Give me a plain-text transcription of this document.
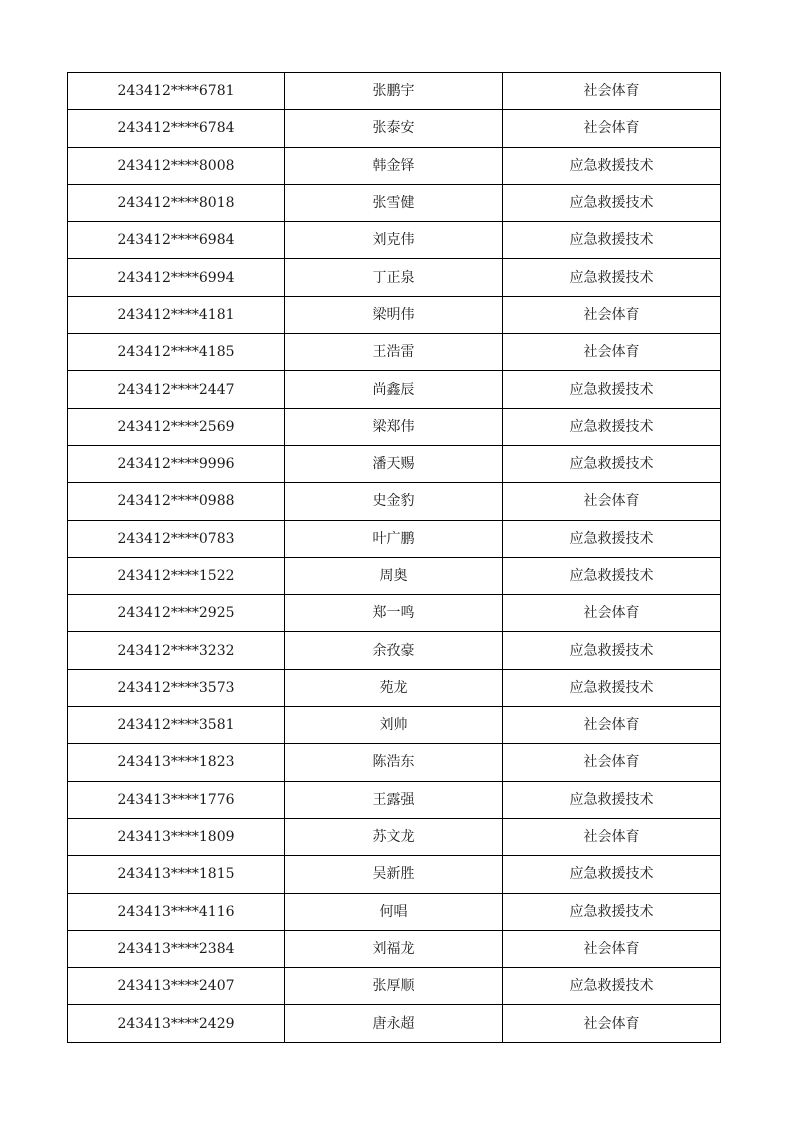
243412****6781	张鹏宇	社会体育
243412****6784	张泰安	社会体育
243412****8008	韩金铎	应急救援技术
243412****8018	张雪健	应急救援技术
243412****6984	刘克伟	应急救援技术
243412****6994	丁正泉	应急救援技术
243412****4181	梁明伟	社会体育
243412****4185	王浩雷	社会体育
243412****2447	尚鑫辰	应急救援技术
243412****2569	梁郑伟	应急救援技术
243412****9996	潘天赐	应急救援技术
243412****0988	史金豹	社会体育
243412****0783	叶广鹏	应急救援技术
243412****1522	周奥	应急救援技术
243412****2925	郑一鸣	社会体育
243412****3232	余孜豪	应急救援技术
243412****3573	苑龙	应急救援技术
243412****3581	刘帅	社会体育
243413****1823	陈浩东	社会体育
243413****1776	王露强	应急救援技术
243413****1809	苏文龙	社会体育
243413****1815	吴新胜	应急救援技术
243413****4116	何唱	应急救援技术
243413****2384	刘福龙	社会体育
243413****2407	张厚顺	应急救援技术
243413****2429	唐永超	社会体育
